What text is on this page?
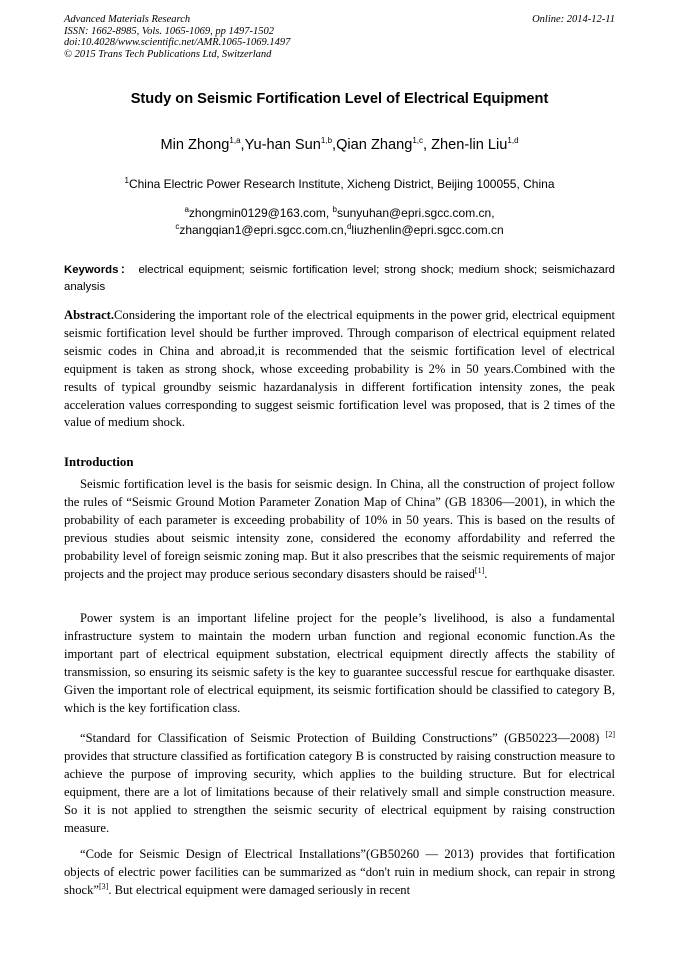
Advanced Materials Research
ISSN: 1662-8985, Vols. 1065-1069, pp 1497-1502
doi:10.4028/www.scientific.net/AMR.1065-1069.1497
© 2015 Trans Tech Publications Ltd, Switzerland
Online: 2014-12-11
Study on Seismic Fortification Level of Electrical Equipment
Min Zhong$^{1,a}$,Yu-han Sun$^{1,b}$,Qian Zhang$^{1,c}$, Zhen-lin Liu$^{1,d}$
$^1$China Electric Power Research Institute, Xicheng District, Beijing 100055, China
$^a$zhongmin0129@163.com, $^b$sunyuhan@epri.sgcc.com.cn,
$^c$zhangqian1@epri.sgcc.com.cn,$^d$liuzhenlin@epri.sgcc.com.cn
Keywords： electrical equipment; seismic fortification level; strong shock; medium shock; seismichazard analysis
Abstract.Considering the important role of the electrical equipments in the power grid, electrical equipment seismic fortification level should be further improved. Through comparison of electrical equipment related seismic codes in China and abroad,it is recommended that the seismic fortification level of electrical equipment is taken as strong shock, whose exceeding probability is 2% in 50 years.Combined with the results of typical groundby seismic hazardanalysis in different fortification intensity zones, the peak acceleration values corresponding to suggest seismic fortification level was proposed, that is 2 times of the value of medium shock.
Introduction
Seismic fortification level is the basis for seismic design. In China, all the construction of project follow the rules of “Seismic Ground Motion Parameter Zonation Map of China” (GB 18306—2001), in which the probability of each parameter is exceeding probability of 10% in 50 years. This is based on the results of previous studies about seismic intensity zone, considered the economy affordability and referred the probability level of foreign seismic zoning map. But it also prescribes that the seismic requirements of major projects and the project may produce serious secondary disasters should be raised[1].
Power system is an important lifeline project for the people’s livelihood, is also a fundamental infrastructure system to maintain the modern urban function and regional economic function.As the important part of electrical equipment substation, electrical equipment directly affects the stability of transmission, so ensuring its seismic safety is the key to guarantee successful rescue for earthquake disaster. Given the important role of electrical equipment, its seismic fortification should be classified to category B, which is the key fortification class.
“Standard for Classification of Seismic Protection of Building Constructions” (GB50223—2008) [2] provides that structure classified as fortification category B is constructed by raising construction measure to achieve the purpose of improving security, which applies to the building structure. But for electrical equipment, there are a lot of limitations because of their relatively small and simple construction measure. So it is not applied to strengthen the seismic security of electrical equipment by raising construction measure.
“Code for Seismic Design of Electrical Installations”(GB50260 — 2013) provides that fortification objects of electric power facilities can be summarized as “don't ruin in medium shock, can repair in strong shock”[3]. But electrical equipment were damaged seriously in recent
